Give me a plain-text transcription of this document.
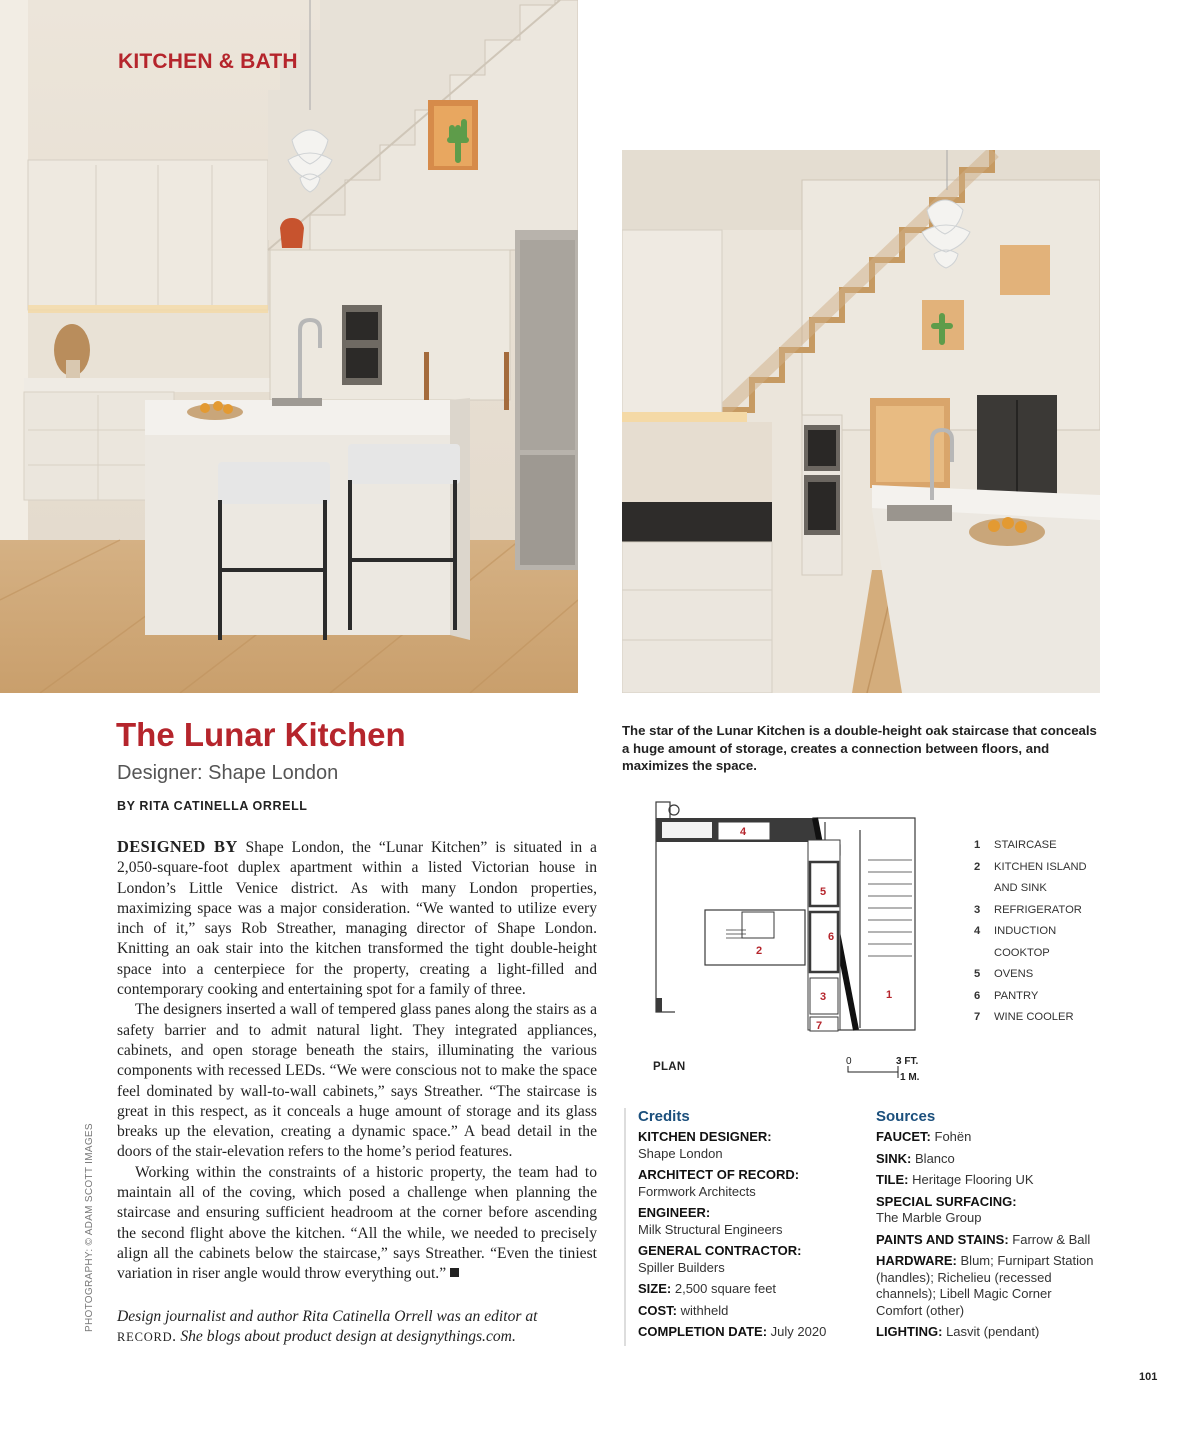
KITCHEN & BATH
The Lunar Kitchen
Designer: Shape London
BY RITA CATINELLA ORRELL

DESIGNED BY Shape London, the “Lunar Kitchen” is situated in a 2,050-square-foot duplex apartment within a listed Victorian house in London’s Little Venice district. As with many London properties, maximizing space was a major consideration. “We wanted to utilize every inch of it,” says Rob Streather, managing director of Shape London. Knitting an oak stair into the kitchen transformed the tight double-height space into a centerpiece for the property, creating a light-filled and contemporary cooking and entertaining spot for a family of three.

The designers inserted a wall of tempered glass panes along the stairs as a safety barrier and to admit natural light. They integrated appliances, cabinets, and open storage beneath the stairs, illuminating the various components with recessed LEDs. “We were conscious not to make the space feel dominated by wall-to-wall cabinets,” says Streather. “The staircase is great in this respect, as it conceals a huge amount of storage and its glass breaks up the elevation, creating a dynamic space.” A bead detail in the doors of the stair-elevation refers to the home’s period features.

Working within the constraints of a historic property, the team had to maintain all of the coving, which posed a challenge when planning the staircase and ensuring sufficient headroom at the corner before ascending the second flight above the kitchen. “All the while, we needed to precisely align all the cabinets below the staircase,” says Streather. “Even the tiniest variation in riser angle would throw everything out.”

Design journalist and author Rita Catinella Orrell was an editor at RECORD. She blogs about product design at designythings.com.
PHOTOGRAPHY: © ADAM SCOTT IMAGES
The star of the Lunar Kitchen is a double-height oak staircase that conceals a huge amount of storage, creates a connection between floors, and maximizes the space.
1
2
3
4
5
6
7
0	3 FT.
1 M.
PLAN
1	STAIRCASE
2	KITCHEN ISLAND AND SINK
3	REFRIGERATOR
4	INDUCTION COOKTOP
5	OVENS
6	PANTRY
7	WINE COOLER
Credits
KITCHEN DESIGNER:
Shape London
ARCHITECT OF RECORD:
Formwork Architects
ENGINEER:
Milk Structural Engineers
GENERAL CONTRACTOR:
Spiller Builders
SIZE: 2,500 square feet
COST: withheld
COMPLETION DATE: July 2020
Sources
FAUCET: Fohën
SINK: Blanco
TILE: Heritage Flooring UK
SPECIAL SURFACING:
The Marble Group
PAINTS AND STAINS: Farrow & Ball
HARDWARE: Blum; Furnipart Station (handles); Richelieu (recessed channels); Libell Magic Corner Comfort (other)
LIGHTING: Lasvit (pendant)
101
